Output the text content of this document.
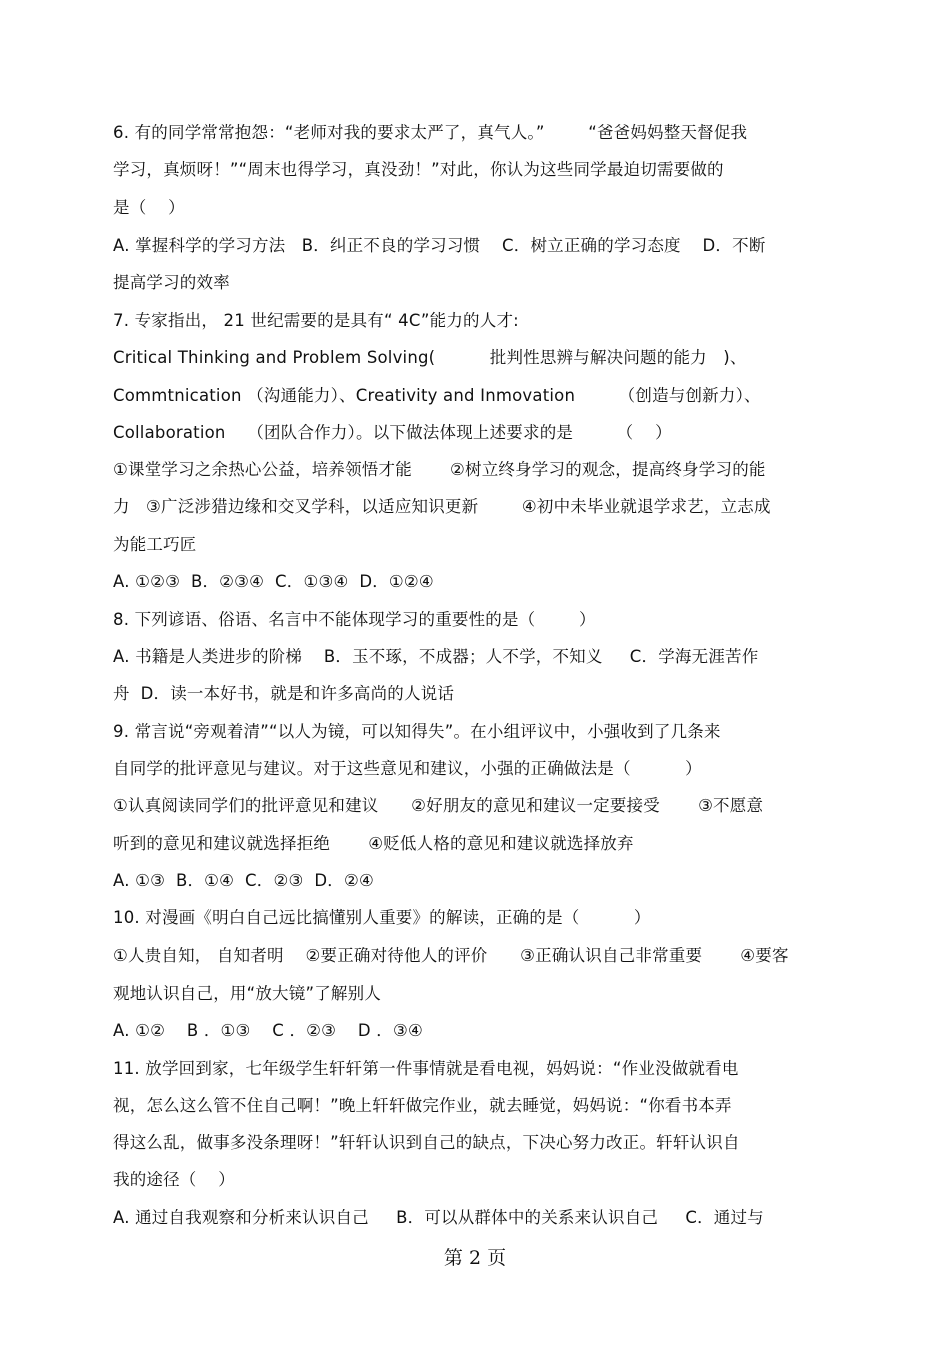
6. 有的同学常常抱怨：“老师对我的要求太严了，真气人。”        “爸爸妈妈整天督促我
学习，真烦呀！”“周末也得学习，真没劲！”对此，你认为这些同学最迫切需要做的
是（    ）
A. 掌握科学的学习方法   B．纠正不良的学习习惯    C．树立正确的学习态度    D．不断
提高学习的效率
7. 专家指出， 21 世纪需要的是具有“ 4C”能力的人才:
Critical Thinking and Problem Solving(          批判性思辨与解决问题的能力   )、
Commtnication （沟通能力）、Creativity and Inmovation        （创造与创新力）、
Collaboration    （团队合作力）。以下做法体现上述要求的是        （    ）
①课堂学习之余热心公益，培养领悟才能       ②树立终身学习的观念，提高终身学习的能
力   ③广泛涉猎边缘和交叉学科，以适应知识更新        ④初中未毕业就退学求艺，立志成
为能工巧匠
A. ①②③  B．②③④  C．①③④  D．①②④
8. 下列谚语、俗语、名言中不能体现学习的重要性的是（        ）
A. 书籍是人类进步的阶梯    B．玉不琢，不成器；人不学，不知义     C．学海无涯苦作
舟  D．读一本好书，就是和许多高尚的人说话
9. 常言说“旁观着清”“以人为镜，可以知得失”。在小组评议中，小强收到了几条来
自同学的批评意见与建议。对于这些意见和建议，小强的正确做法是（          ）
①认真阅读同学们的批评意见和建议      ②好朋友的意见和建议一定要接受       ③不愿意
听到的意见和建议就选择拒绝       ④贬低人格的意见和建议就选择放弃
A. ①③  B．①④  C．②③  D．②④
10. 对漫画《明白自己远比搞懂别人重要》的解读，正确的是（          ）
①人贵自知， 自知者明    ②要正确对待他人的评价      ③正确认识自己非常重要       ④要客
观地认识自己，用“放大镜”了解别人
A. ①②    B ．①③    C ．②③    D ．③④
11. 放学回到家，七年级学生轩轩第一件事情就是看电视，妈妈说：“作业没做就看电
视，怎么这么管不住自己啊！”晚上轩轩做完作业，就去睡觉，妈妈说：“你看书本弄
得这么乱，做事多没条理呀！”轩轩认识到自己的缺点，下决心努力改正。轩轩认识自
我的途径（    ）
A. 通过自我观察和分析来认识自己     B．可以从群体中的关系来认识自己     C．通过与
第 2 页
